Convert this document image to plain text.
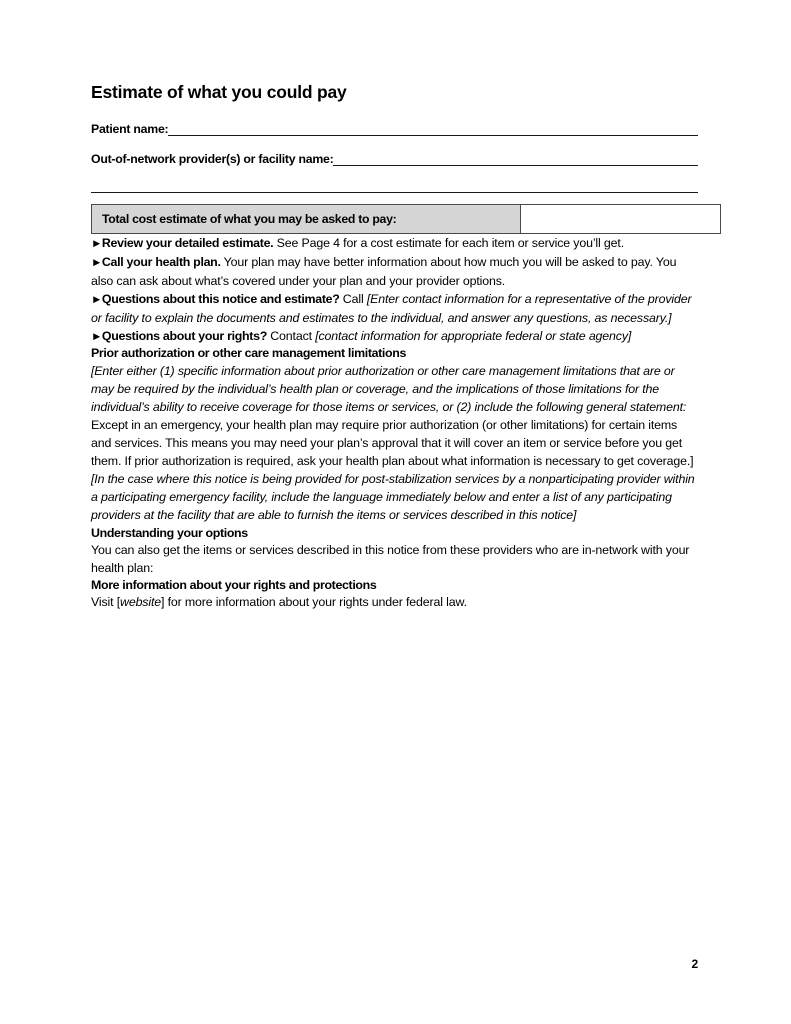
Estimate of what you could pay
Patient name:
Out-of-network provider(s) or facility name:
Total cost estimate of what you may be asked to pay:	

►Review your detailed estimate. See Page 4 for a cost estimate for each item or service you’ll get.

►Call your health plan. Your plan may have better information about how much you will be asked to pay. You also can ask about what’s covered under your plan and your provider options.

►Questions about this notice and estimate? Call [Enter contact information for a representative of the provider or facility to explain the documents and estimates to the individual, and answer any questions, as necessary.]

►Questions about your rights? Contact [contact information for appropriate federal or state agency]

Prior authorization or other care management limitations

[Enter either (1) specific information about prior authorization or other care management limitations that are or may be required by the individual’s health plan or coverage, and the implications of those limitations for the individual’s ability to receive coverage for those items or services, or (2) include the following general statement:

Except in an emergency, your health plan may require prior authorization (or other limitations) for certain items and services. This means you may need your plan’s approval that it will cover an item or service before you get them. If prior authorization is required, ask your health plan about what information is necessary to get coverage.]

[In the case where this notice is being provided for post-stabilization services by a nonparticipating provider within a participating emergency facility, include the language immediately below and enter a list of any participating providers at the facility that are able to furnish the items or services described in this notice]

Understanding your options

You can also get the items or services described in this notice from these providers who are in-network with your health plan:

More information about your rights and protections

Visit [website] for more information about your rights under federal law.

2
